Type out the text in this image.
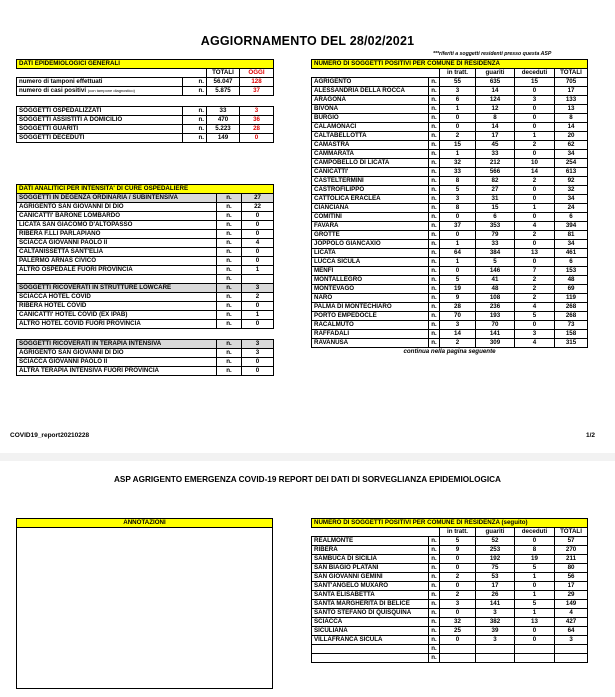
AGGIORNAMENTO DEL 28/02/2021
***riferiti a soggetti residenti presso questa ASP
DATI EPIDEMIOLOGICI GENERALI			
		TOTALI	OGGI
numero di tamponi effettuati	n.	56.047	128
numero di casi positivi (con tampone diagnostico)	n.	5.875	37

SOGGETTI OSPEDALIZZATI	n.	33	3
SOGGETTI ASSISTITI A DOMICILIO	n.	470	36
SOGGETTI GUARITI	n.	5.223	28
SOGGETTI DECEDUTI	n.	149	0
DATI ANALITICI PER INTENSITA' DI CURE OSPEDALIERE		
SOGGETTI IN DEGENZA ORDINARIA / SUBINTENSIVA	n.	27
AGRIGENTO SAN GIOVANNI DI DIO	n.	22
CANICATTI' BARONE LOMBARDO	n.	0
LICATA SAN GIACOMO D'ALTOPASSO	n.	0
RIBERA F.LLI PARLAPIANO	n.	0
SCIACCA GIOVANNI PAOLO II	n.	4
CALTANISSETTA SANT'ELIA	n.	0
PALERMO ARNAS CIVICO	n.	0
ALTRO OSPEDALE FUORI PROVINCIA	n.	1
	n.	
SOGGETTI RICOVERATI IN STRUTTURE LOWCARE	n.	3
SCIACCA HOTEL COVID	n.	2
RIBERA HOTEL COVID	n.	0
CANICATTI' HOTEL COVID (EX IPAB)	n.	1
ALTRO HOTEL COVID FUORI PROVINCIA	n.	0

SOGGETTI RICOVERATI IN TERAPIA INTENSIVA	n.	3
AGRIGENTO SAN GIOVANNI DI DIO	n.	3
SCIACCA GIOVANNI PAOLO II	n.	0
ALTRA TERAPIA INTENSIVA FUORI PROVINCIA	n.	0
NUMERO DI SOGGETTI POSITIVI PER COMUNE DI RESIDENZA					
		in tratt.	guariti	deceduti	TOTALI
AGRIGENTO	n.	55	635	15	705
ALESSANDRIA DELLA ROCCA	n.	3	14	0	17
ARAGONA	n.	6	124	3	133
BIVONA	n.	1	12	0	13
BURGIO	n.	0	8	0	8
CALAMONACI	n.	0	14	0	14
CALTABELLOTTA	n.	2	17	1	20
CAMASTRA	n.	15	45	2	62
CAMMARATA	n.	1	33	0	34
CAMPOBELLO DI LICATA	n.	32	212	10	254
CANICATTI'	n.	33	566	14	613
CASTELTERMINI	n.	8	82	2	92
CASTROFILIPPO	n.	5	27	0	32
CATTOLICA ERACLEA	n.	3	31	0	34
CIANCIANA	n.	8	15	1	24
COMITINI	n.	0	6	0	6
FAVARA	n.	37	353	4	394
GROTTE	n.	0	79	2	81
JOPPOLO GIANCAXIO	n.	1	33	0	34
LICATA	n.	64	384	13	461
LUCCA SICULA	n.	1	5	0	6
MENFI	n.	0	146	7	153
MONTALLEGRO	n.	5	41	2	48
MONTEVAGO	n.	19	48	2	69
NARO	n.	9	108	2	119
PALMA DI MONTECHIARO	n.	28	236	4	268
PORTO EMPEDOCLE	n.	70	193	5	268
RACALMUTO	n.	3	70	0	73
RAFFADALI	n.	14	141	3	158
RAVANUSA	n.	2	309	4	315
continua nella pagina seguente					
COVID19_report20210228	1/2
ASP AGRIGENTO EMERGENZA COVID-19 REPORT DEI DATI DI SORVEGLIANZA EPIDEMIOLOGICA
ANNOTAZIONI	NUMERO DI SOGGETTI POSITIVI PER COMUNE DI RESIDENZA (seguito)					
		in tratt.	guariti	deceduti	TOTALI
REALMONTE	n.	5	52	0	57
RIBERA	n.	9	253	8	270
SAMBUCA DI SICILIA	n.	0	192	19	211
SAN BIAGIO PLATANI	n.	0	75	5	80
SAN GIOVANNI GEMINI	n.	2	53	1	56
SANT'ANGELO MUXARO	n.	0	17	0	17
SANTA ELISABETTA	n.	2	26	1	29
SANTA MARGHERITA DI BELICE	n.	3	141	5	149
SANTO STEFANO DI QUISQUINA	n.	0	3	1	4
SCIACCA	n.	32	382	13	427
SICULIANA	n.	25	39	0	64
VILLAFRANCA SICULA	n.	0	3	0	3
	n.				
	n.				
